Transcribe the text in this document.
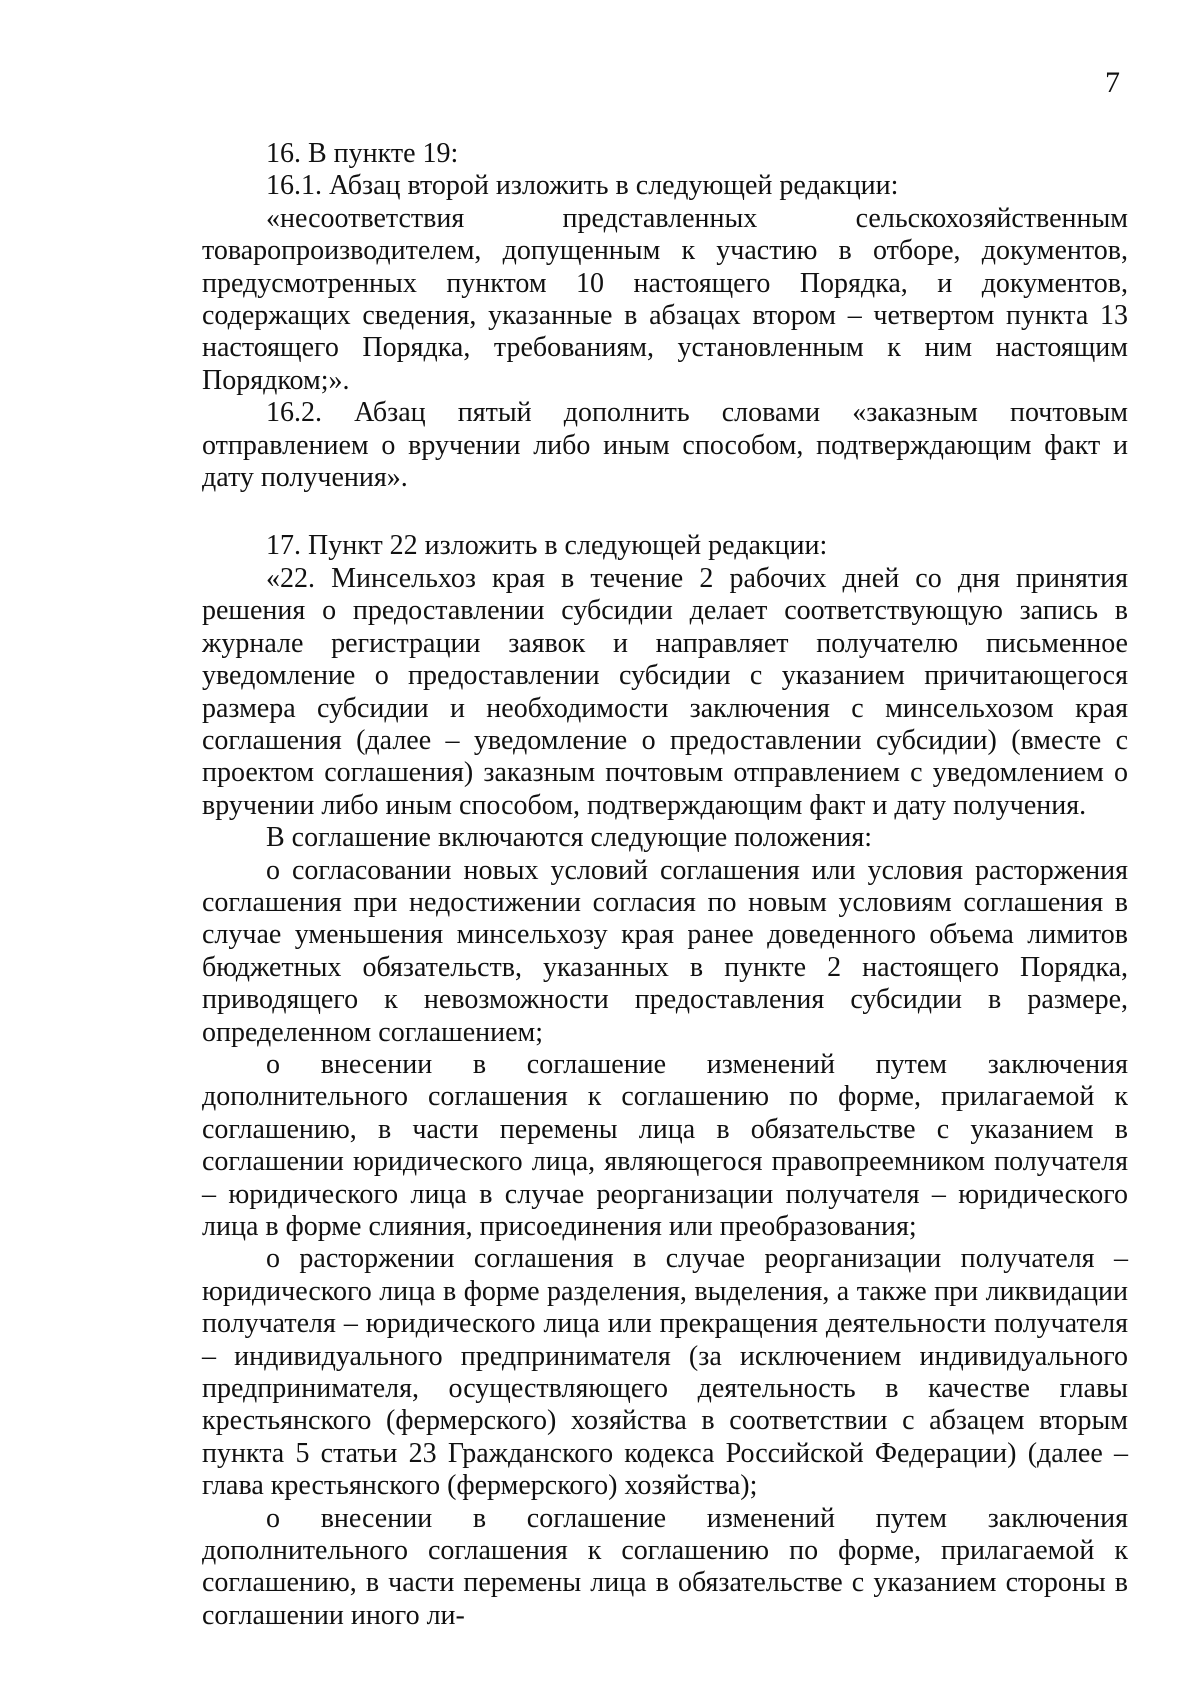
7

16. В пункте 19:

16.1. Абзац второй изложить в следующей редакции:

«несоответствия представленных сельскохозяйственным товаропроизводителем, допущенным к участию в отборе, документов, предусмотренных пунктом 10 настоящего Порядка, и документов, содержащих сведения, указанные в абзацах втором – четвертом пункта 13 настоящего Порядка, требованиям, установленным к ним настоящим Порядком;».

16.2. Абзац пятый дополнить словами «заказным почтовым отправлением о вручении либо иным способом, подтверждающим факт и дату получения».

17. Пункт 22 изложить в следующей редакции:

«22. Минсельхоз края в течение 2 рабочих дней со дня принятия решения о предоставлении субсидии делает соответствующую запись в журнале регистрации заявок и направляет получателю письменное уведомление о предоставлении субсидии с указанием причитающегося размера субсидии и необходимости заключения с минсельхозом края соглашения (далее – уведомление о предоставлении субсидии) (вместе с проектом соглашения) заказным почтовым отправлением с уведомлением о вручении либо иным способом, подтверждающим факт и дату получения.

В соглашение включаются следующие положения:

о согласовании новых условий соглашения или условия расторжения соглашения при недостижении согласия по новым условиям соглашения в случае уменьшения минсельхозу края ранее доведенного объема лимитов бюджетных обязательств, указанных в пункте 2 настоящего Порядка, приводящего к невозможности предоставления субсидии в размере, определенном соглашением;

о внесении в соглашение изменений путем заключения дополнительного соглашения к соглашению по форме, прилагаемой к соглашению, в части перемены лица в обязательстве с указанием в соглашении юридического лица, являющегося правопреемником получателя – юридического лица в случае реорганизации получателя – юридического лица в форме слияния, присоединения или преобразования;

о расторжении соглашения в случае реорганизации получателя – юридического лица в форме разделения, выделения, а также при ликвидации получателя – юридического лица или прекращения деятельности получателя – индивидуального предпринимателя (за исключением индивидуального предпринимателя, осуществляющего деятельность в качестве главы крестьянского (фермерского) хозяйства в соответствии с абзацем вторым пункта 5 статьи 23 Гражданского кодекса Российской Федерации) (далее – глава крестьянского (фермерского) хозяйства);

о внесении в соглашение изменений путем заключения дополнительного соглашения к соглашению по форме, прилагаемой к соглашению, в части перемены лица в обязательстве с указанием стороны в соглашении иного ли-
